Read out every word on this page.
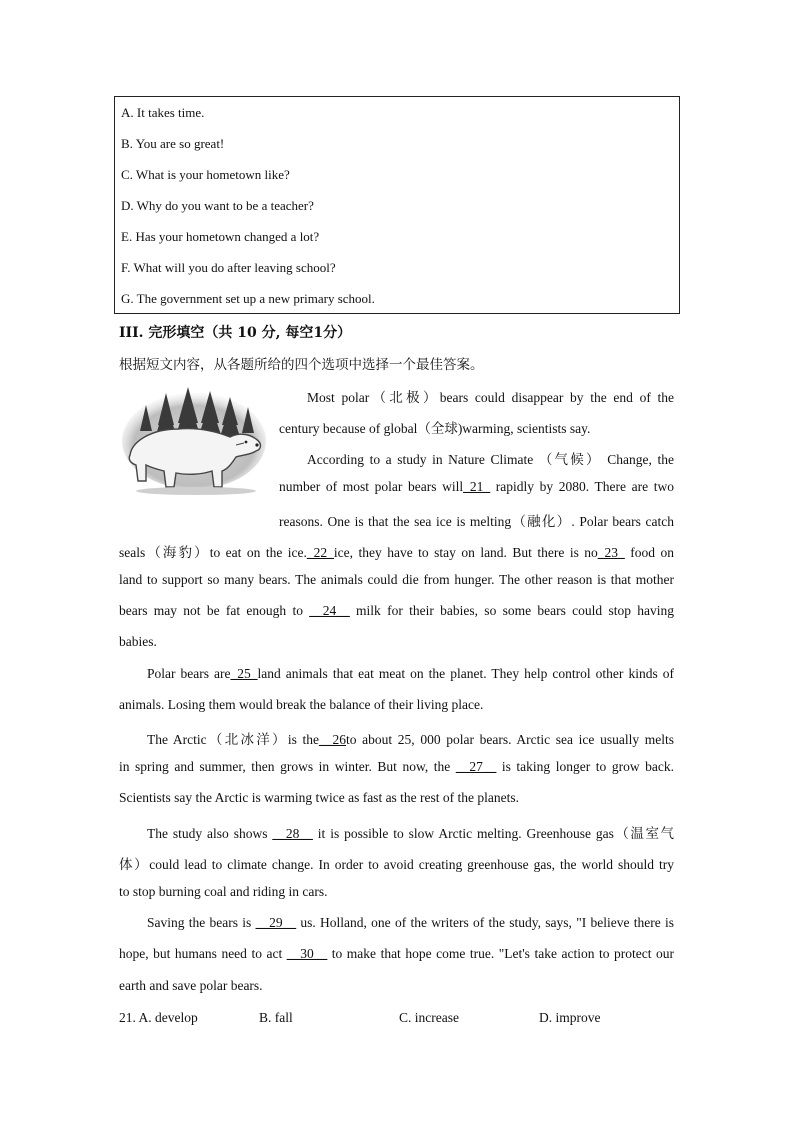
A. It takes time.
B. You are so great!
C. What is your hometown like?
D. Why do you want to be a teacher?
E. Has your hometown changed a lot?
F. What will you do after leaving school?
G. The government set up a new primary school.
III. 完形填空（共 10 分, 每空1分）
根据短文内容，从各题所给的四个选项中选择一个最佳答案。
Most polar（北极）bears could disappear by the end of the
century because of global（全球)warming, scientists say.
According to a study in Nature Climate （气候） Change, the
number of most polar bears will_21_ rapidly by 2080. There are two
reasons. One is that the sea ice is melting（融化）. Polar bears catch
seals（海豹）to eat on the ice._22_ice, they have to stay on land. But there is no_23_ food on
land to support so many bears. The animals could die from hunger. The other reason is that mother
bears may not be fat enough to __24__ milk for their babies, so some bears could stop having
babies.
Polar bears are_25_land animals that eat meat on the planet. They help control other kinds of
animals. Losing them would break the balance of their living place.
The Arctic（北冰洋）is the__26to about 25, 000 polar bears. Arctic sea ice usually melts
in spring and summer, then grows in winter. But now, the __27__ is taking longer to grow back.
Scientists say the Arctic is warming twice as fast as the rest of the planets.
The study also shows __28__ it is possible to slow Arctic melting. Greenhouse gas（温室气
体）could lead to climate change. In order to avoid creating greenhouse gas, the world should try
to stop burning coal and riding in cars.
Saving the bears is __29__ us. Holland, one of the writers of the study, says, "I believe there is
hope, but humans need to act __30__ to make that hope come true. "Let's take action to protect our
earth and save polar bears.
21. A. develop	B. fall	C. increase	D. improve
